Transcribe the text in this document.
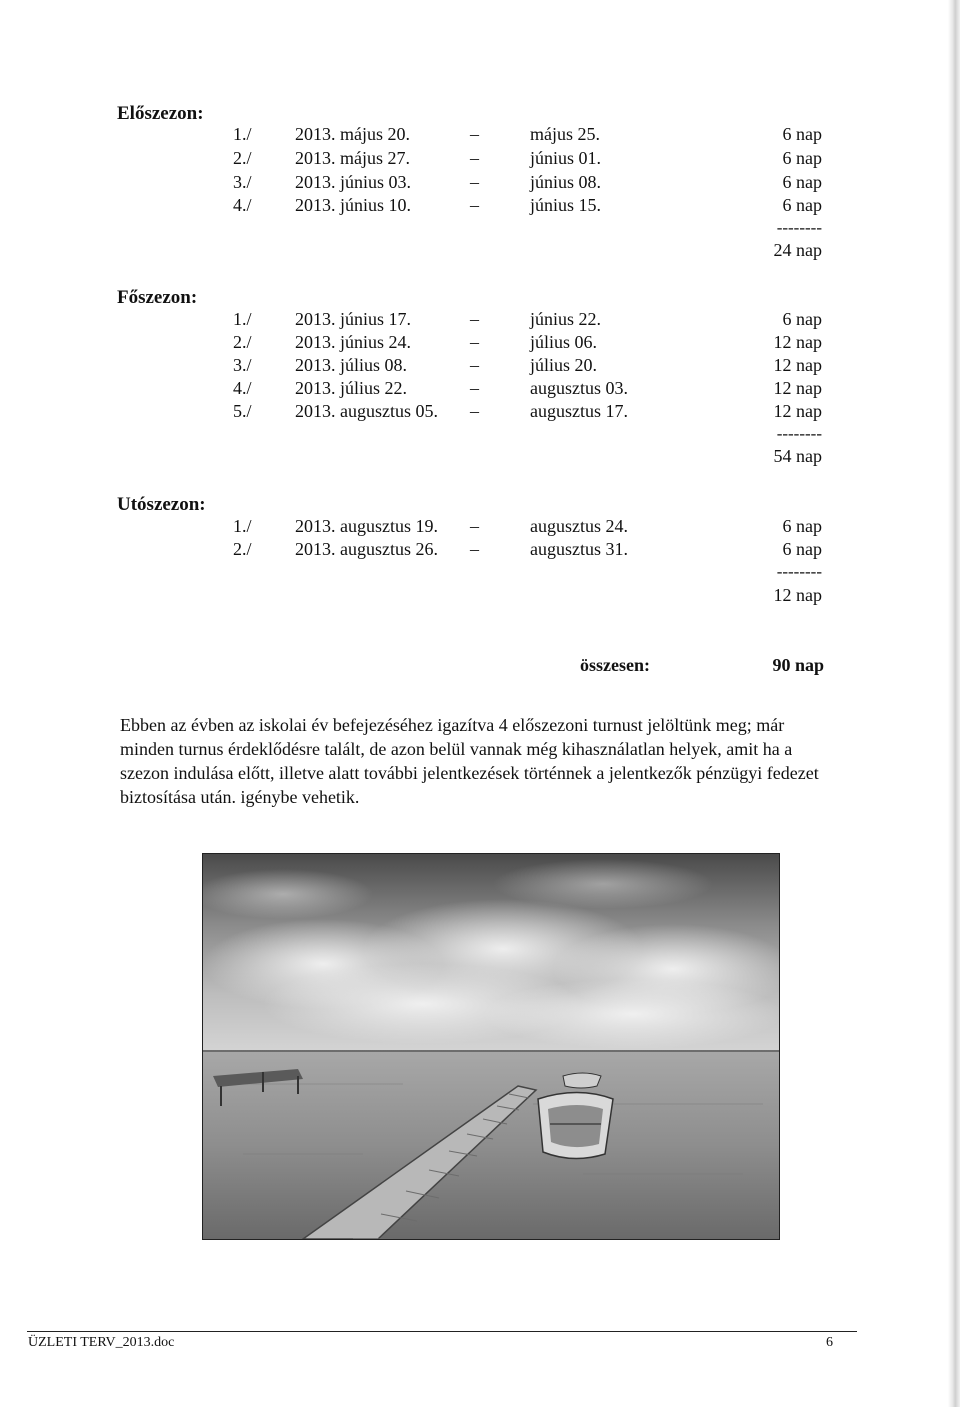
Előszezon:
1./ 2013. május 20.	–	május 25.	6 nap
2./ 2013. május 27.	–	június 01.	6 nap
3./ 2013. június 03.	–	június 08.	6 nap
4./ 2013. június 10.	–	június 15.	6 nap
--------
24 nap
Főszezon:
1./ 2013. június 17.	–	június 22.	6 nap
2./ 2013. június 24.	–	július 06.	12 nap
3./ 2013. július 08.	–	július 20.	12 nap
4./ 2013. július 22.	–	augusztus 03.	12 nap
5./ 2013. augusztus 05. –	augusztus 17.	12 nap
--------
54 nap
Utószezon:
1./ 2013. augusztus 19. –	augusztus 24.	6 nap
2./ 2013. augusztus 26. –	augusztus 31.	6 nap
--------
12 nap
összesen:	90 nap
Ebben az évben az iskolai év befejezéséhez igazítva 4 előszezoni turnust jelöltünk meg; már minden turnus érdeklődésre talált, de azon belül vannak még kihasználatlan helyek, amit ha a szezon indulása előtt, illetve alatt további jelentkezések történnek a jelentkezők pénzügyi fedezet biztosítása után. igénybe vehetik.
ÜZLETI TERV_2013.doc	6
